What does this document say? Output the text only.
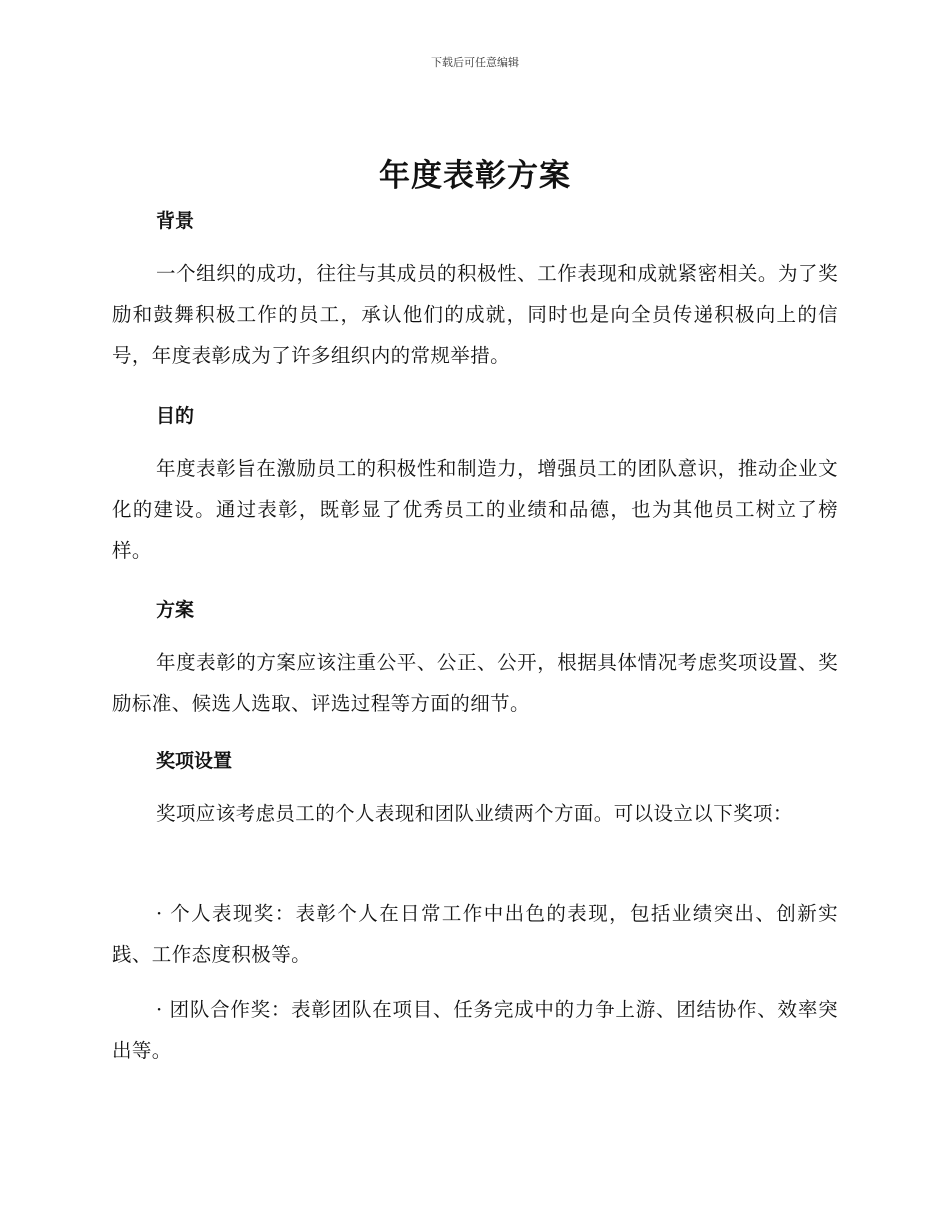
下载后可任意编辑
年度表彰方案
背景
一个组织的成功，往往与其成员的积极性、工作表现和成就紧密相关。为了奖励和鼓舞积极工作的员工，承认他们的成就，同时也是向全员传递积极向上的信号，年度表彰成为了许多组织内的常规举措。
目的
年度表彰旨在激励员工的积极性和制造力，增强员工的团队意识，推动企业文化的建设。通过表彰，既彰显了优秀员工的业绩和品德，也为其他员工树立了榜样。
方案
年度表彰的方案应该注重公平、公正、公开，根据具体情况考虑奖项设置、奖励标准、候选人选取、评选过程等方面的细节。
奖项设置
奖项应该考虑员工的个人表现和团队业绩两个方面。可以设立以下奖项：
· 个人表现奖：表彰个人在日常工作中出色的表现，包括业绩突出、创新实践、工作态度积极等。
· 团队合作奖：表彰团队在项目、任务完成中的力争上游、团结协作、效率突出等。
